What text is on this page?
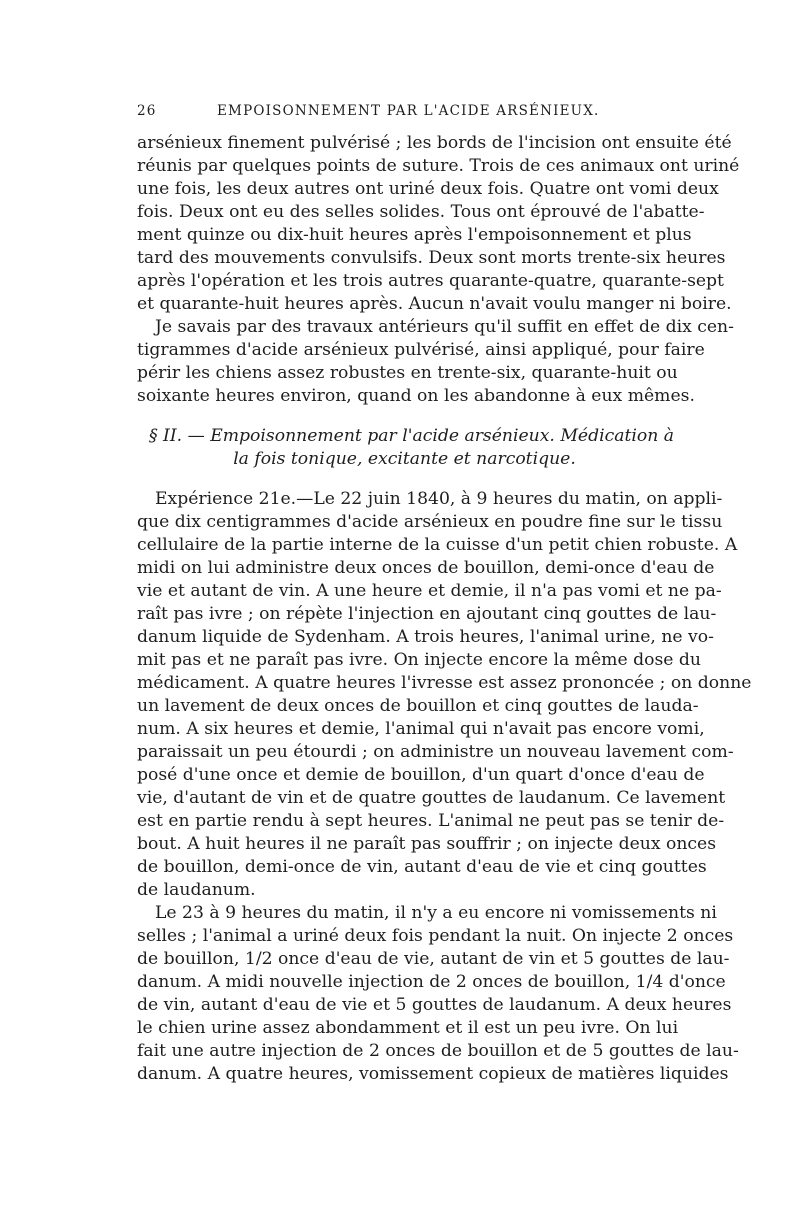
26	EMPOISONNEMENT PAR L'ACIDE ARSÉNIEUX.

arsénieux finement pulvérisé ; les bords de l'incision ont ensuite été

réunis par quelques points de suture. Trois de ces animaux ont uriné

une fois, les deux autres ont uriné deux fois. Quatre ont vomi deux

fois. Deux ont eu des selles solides. Tous ont éprouvé de l'abatte-

ment quinze ou dix-huit heures après l'empoisonnement et plus

tard des mouvements convulsifs. Deux sont morts trente-six heures

après l'opération et les trois autres quarante-quatre, quarante-sept

et quarante-huit heures après. Aucun n'avait voulu manger ni boire.

Je savais par des travaux antérieurs qu'il suffit en effet de dix cen-

tigrammes d'acide arsénieux pulvérisé, ainsi appliqué, pour faire

périr les chiens assez robustes en trente-six, quarante-huit ou

soixante heures environ, quand on les abandonne à eux mêmes.

§ II. — Empoisonnement par l'acide arsénieux. Médication à

la fois tonique, excitante et narcotique.

Expérience 21e.—Le 22 juin 1840, à 9 heures du matin, on appli-

que dix centigrammes d'acide arsénieux en poudre fine sur le tissu

cellulaire de la partie interne de la cuisse d'un petit chien robuste. A

midi on lui administre deux onces de bouillon, demi-once d'eau de

vie et autant de vin. A une heure et demie, il n'a pas vomi et ne pa-

raît pas ivre ; on répète l'injection en ajoutant cinq gouttes de lau-

danum liquide de Sydenham. A trois heures, l'animal urine, ne vo-

mit pas et ne paraît pas ivre. On injecte encore la même dose du

médicament. A quatre heures l'ivresse est assez prononcée ; on donne

un lavement de deux onces de bouillon et cinq gouttes de lauda-

num. A six heures et demie, l'animal qui n'avait pas encore vomi,

paraissait un peu étourdi ; on administre un nouveau lavement com-

posé d'une once et demie de bouillon, d'un quart d'once d'eau de

vie, d'autant de vin et de quatre gouttes de laudanum. Ce lavement

est en partie rendu à sept heures. L'animal ne peut pas se tenir de-

bout. A huit heures il ne paraît pas souffrir ; on injecte deux onces

de bouillon, demi-once de vin, autant d'eau de vie et cinq gouttes

de laudanum.

Le 23 à 9 heures du matin, il n'y a eu encore ni vomissements ni

selles ; l'animal a uriné deux fois pendant la nuit. On injecte 2 onces

de bouillon, 1/2 once d'eau de vie, autant de vin et 5 gouttes de lau-

danum. A midi nouvelle injection de 2 onces de bouillon, 1/4 d'once

de vin, autant d'eau de vie et 5 gouttes de laudanum. A deux heures

le chien urine assez abondamment et il est un peu ivre. On lui

fait une autre injection de 2 onces de bouillon et de 5 gouttes de lau-

danum. A quatre heures, vomissement copieux de matières liquides
